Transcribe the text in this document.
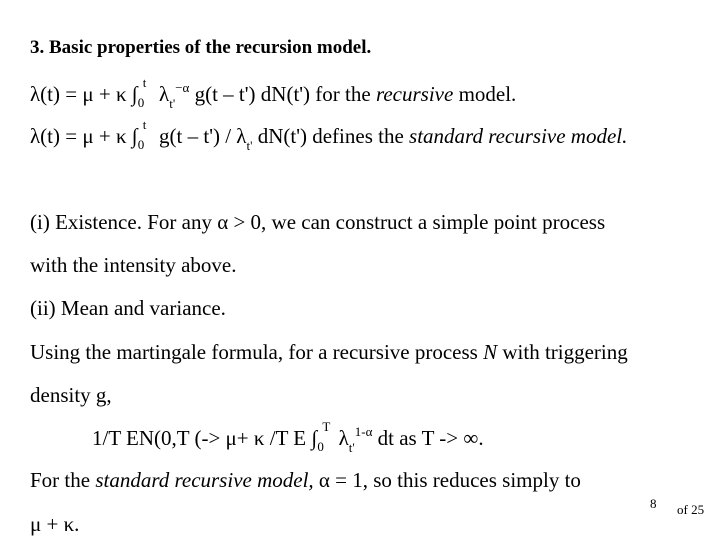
3. Basic properties of the recursion model.
λ(t) = μ + κ ∫ t
0 $\lambda_{t'}^{-\alpha}$ g(t – t') dN(t') for the recursive model.
λ(t) = μ + κ ∫ t
0 $g(t - t') / \lambda_{t'}$ dN(t') defines the standard recursive model.
(i) Existence. For any α > 0, we can construct a simple point process
with the intensity above.
(ii) Mean and variance.
Using the martingale formula, for a recursive process N with triggering
density g,
1/T EN(0,T (-> μ+ κ /T E ∫ T
0 $\lambda_{t'}^{1-\alpha}$ dt as T -> ∞.
For the standard recursive model, α = 1, so this reduces simply to
μ + κ.
8 of 25
